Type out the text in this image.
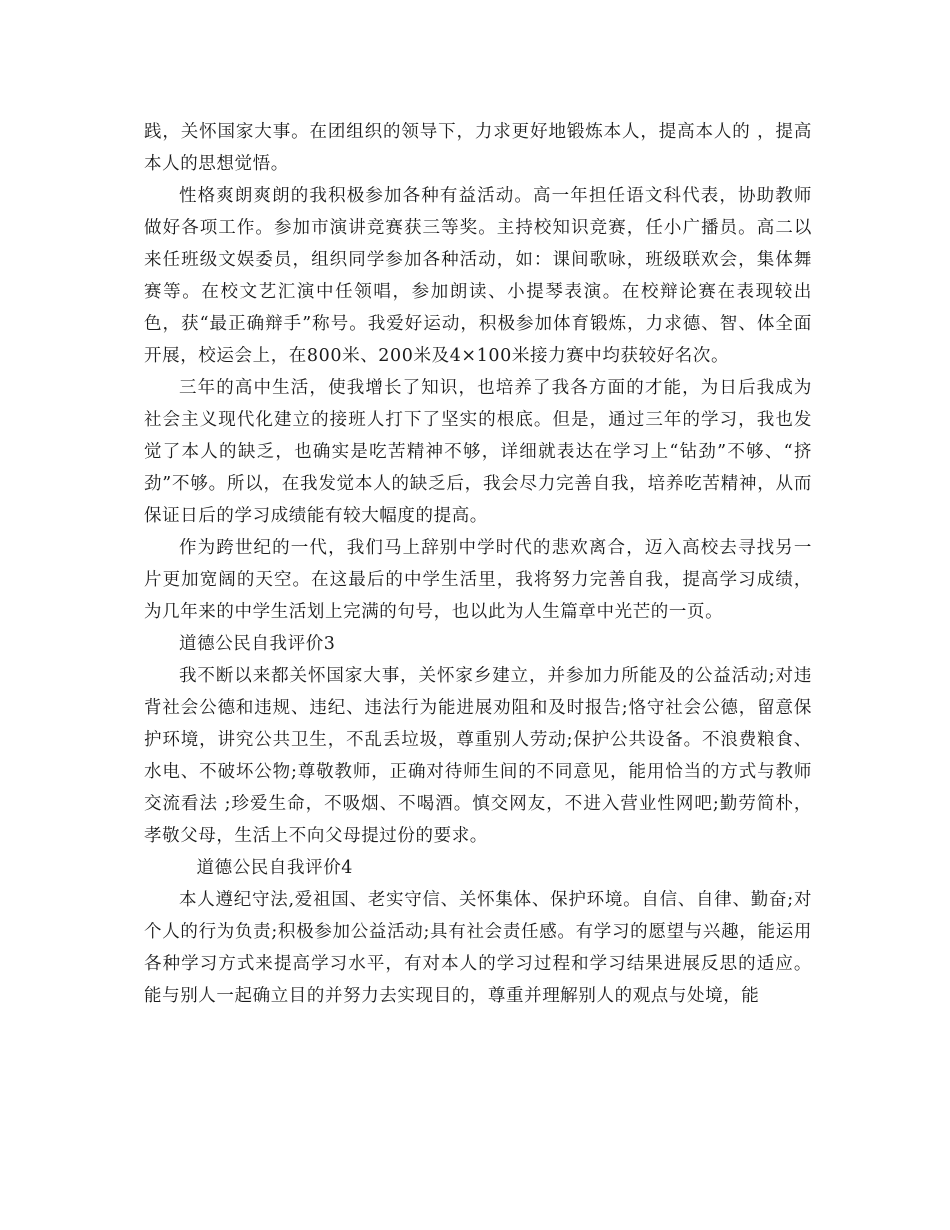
践，关怀国家大事。在团组织的领导下，力求更好地锻炼本人，提高本人的 ，提高本人的思想觉悟。

性格爽朗爽朗的我积极参加各种有益活动。高一年担任语文科代表，协助教师做好各项工作。参加市演讲竞赛获三等奖。主持校知识竞赛，任小广播员。高二以来任班级文娱委员，组织同学参加各种活动，如：课间歌咏，班级联欢会，集体舞赛等。在校文艺汇演中任领唱，参加朗读、小提琴表演。在校辩论赛在表现较出色，获“最正确辩手”称号。我爱好运动，积极参加体育锻炼，力求德、智、体全面开展，校运会上，在800米、200米及4×100米接力赛中均获较好名次。

三年的高中生活，使我增长了知识，也培养了我各方面的才能，为日后我成为社会主义现代化建立的接班人打下了坚实的根底。但是，通过三年的学习，我也发觉了本人的缺乏，也确实是吃苦精神不够，详细就表达在学习上“钻劲”不够、“挤劲”不够。所以，在我发觉本人的缺乏后，我会尽力完善自我，培养吃苦精神，从而保证日后的学习成绩能有较大幅度的提高。

作为跨世纪的一代，我们马上辞别中学时代的悲欢离合，迈入高校去寻找另一片更加宽阔的天空。在这最后的中学生活里，我将努力完善自我，提高学习成绩，为几年来的中学生活划上完满的句号，也以此为人生篇章中光芒的一页。

道德公民自我评价3

我不断以来都关怀国家大事，关怀家乡建立，并参加力所能及的公益活动;对违背社会公德和违规、违纪、违法行为能进展劝阻和及时报告;恪守社会公德，留意保护环境，讲究公共卫生，不乱丢垃圾，尊重别人劳动;保护公共设备。不浪费粮食、水电、不破坏公物;尊敬教师，正确对待师生间的不同意见，能用恰当的方式与教师交流看法 ;珍爱生命，不吸烟、不喝酒。慎交网友，不进入营业性网吧;勤劳简朴，孝敬父母，生活上不向父母提过份的要求。

道德公民自我评价4

本人遵纪守法,爱祖国、老实守信、关怀集体、保护环境。自信、自律、勤奋;对个人的行为负责;积极参加公益活动;具有社会责任感。有学习的愿望与兴趣，能运用各种学习方式来提高学习水平，有对本人的学习过程和学习结果进展反思的适应。能与别人一起确立目的并努力去实现目的，尊重并理解别人的观点与处境，能
